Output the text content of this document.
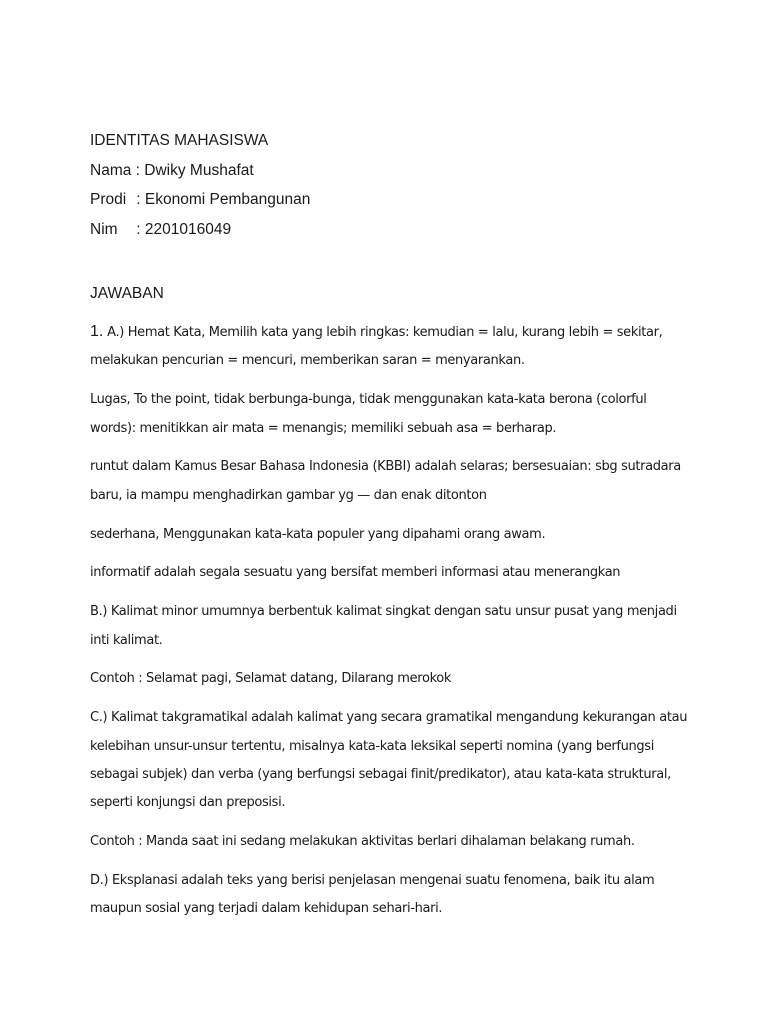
IDENTITAS MAHASISWA
Nama : Dwiky Mushafat
Prodi : Ekonomi Pembangunan
Nim : 2201016049
JAWABAN

1. A.) Hemat Kata, Memilih kata yang lebih ringkas: kemudian = lalu, kurang lebih = sekitar, melakukan pencurian = mencuri, memberikan saran = menyarankan.

Lugas, To the point, tidak berbunga-bunga, tidak menggunakan kata-kata berona (colorful words): menitikkan air mata = menangis; memiliki sebuah asa = berharap.

runtut dalam Kamus Besar Bahasa Indonesia (KBBI) adalah selaras; bersesuaian: sbg sutradara baru, ia mampu menghadirkan gambar yg — dan enak ditonton

sederhana, Menggunakan kata-kata populer yang dipahami orang awam.

informatif adalah segala sesuatu yang bersifat memberi informasi atau menerangkan

B.) Kalimat minor umumnya berbentuk kalimat singkat dengan satu unsur pusat yang menjadi inti kalimat.

Contoh : Selamat pagi, Selamat datang, Dilarang merokok

C.) Kalimat takgramatikal adalah kalimat yang secara gramatikal mengandung kekurangan atau kelebihan unsur-unsur tertentu, misalnya kata-kata leksikal seperti nomina (yang berfungsi sebagai subjek) dan verba (yang berfungsi sebagai finit/predikator), atau kata-kata struktural, seperti konjungsi dan preposisi.

Contoh : Manda saat ini sedang melakukan aktivitas berlari dihalaman belakang rumah.

D.) Eksplanasi adalah teks yang berisi penjelasan mengenai suatu fenomena, baik itu alam maupun sosial yang terjadi dalam kehidupan sehari-hari.
